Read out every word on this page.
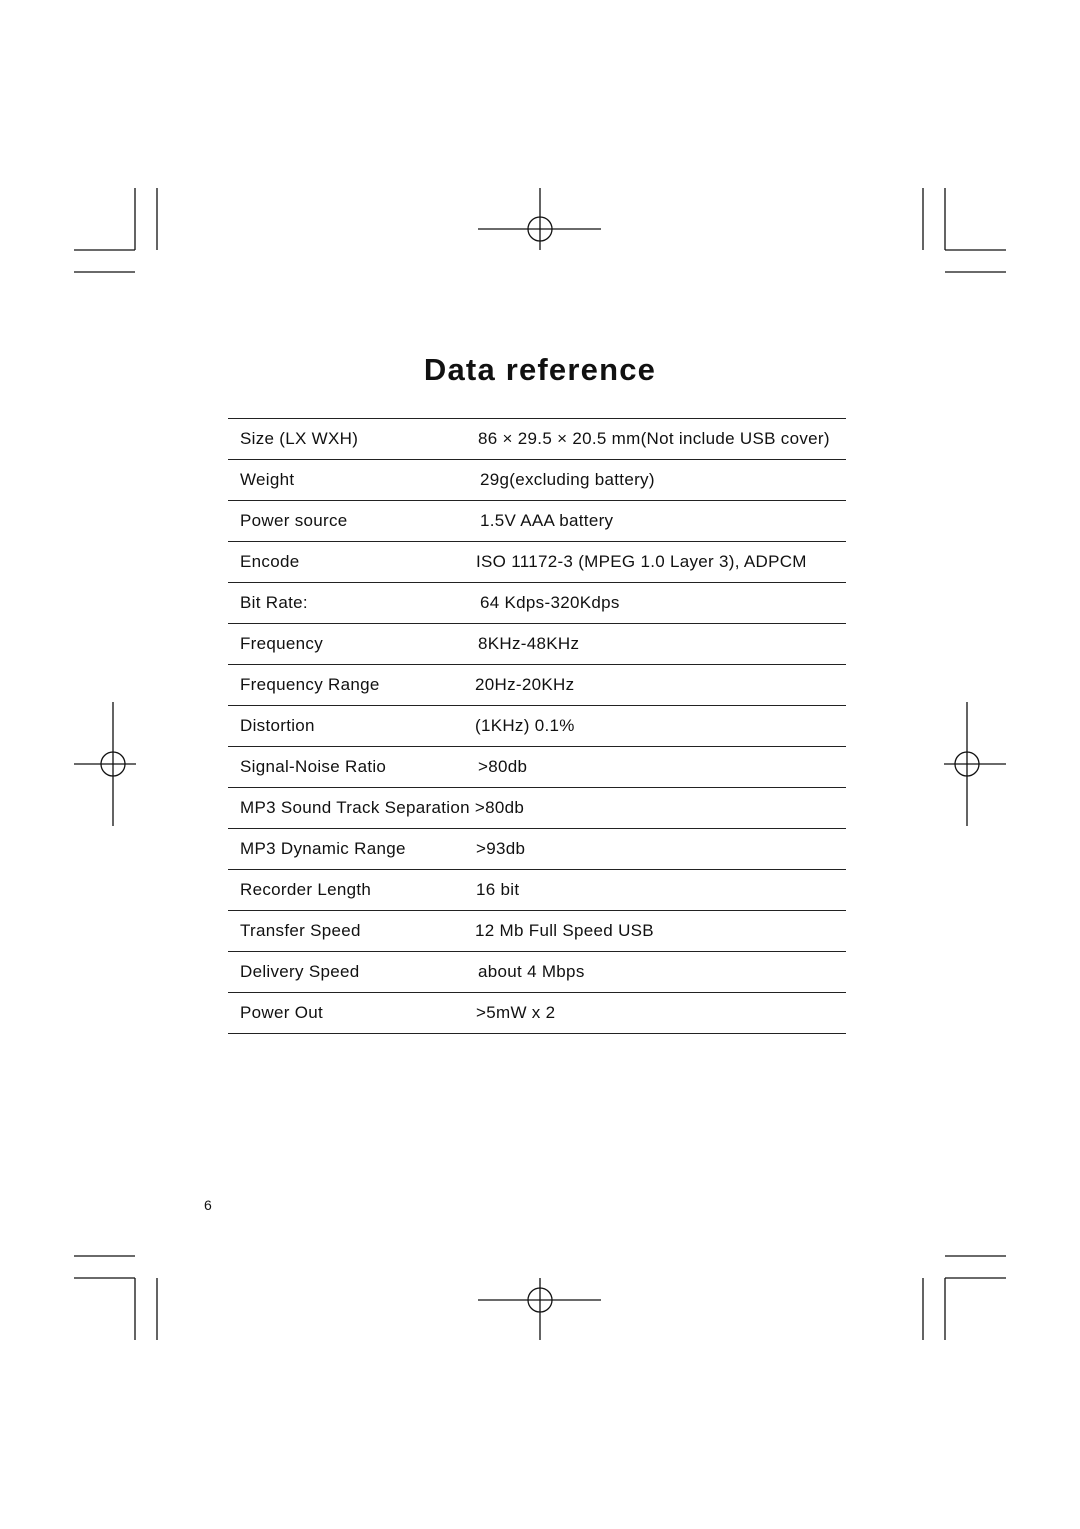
Data reference
Size (LX WXH)	86 × 29.5 × 20.5 mm(Not include USB cover)
Weight	29g(excluding battery)
Power source	1.5V AAA battery
Encode	ISO 11172-3 (MPEG 1.0 Layer 3), ADPCM
Bit Rate:	64 Kdps-320Kdps
Frequency	8KHz-48KHz
Frequency Range	20Hz-20KHz
Distortion	(1KHz) 0.1%
Signal-Noise Ratio	>80db
MP3 Sound Track Separation >80db
MP3 Dynamic Range	>93db
Recorder Length	16 bit
Transfer Speed	12 Mb Full Speed USB
Delivery Speed	about 4 Mbps
Power Out	>5mW x 2
6
